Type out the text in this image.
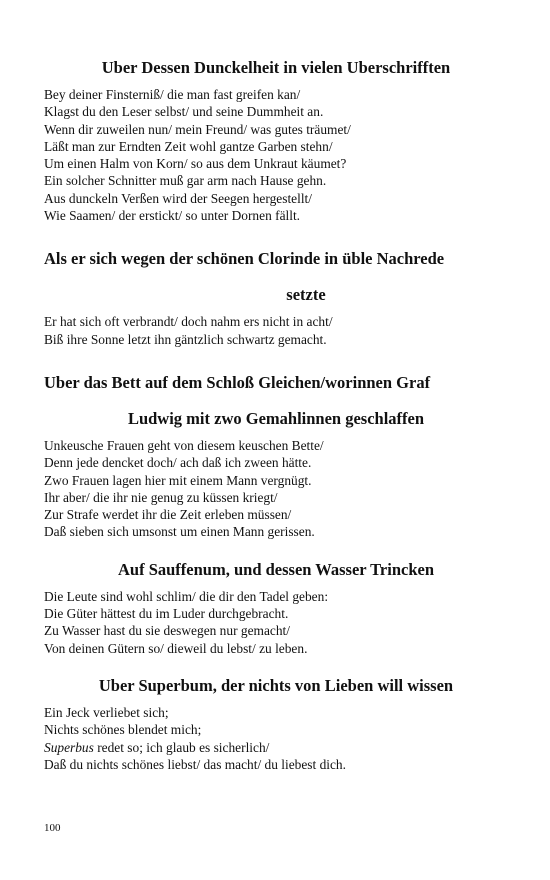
Uber Dessen Dunckelheit in vielen Uberschrifften
Bey deiner Finsterniß/ die man fast greifen kan/
Klagst du den Leser selbst/ und seine Dummheit an.
Wenn dir zuweilen nun/ mein Freund/ was gutes träumet/
Läßt man zur Erndten Zeit wohl gantze Garben stehn/
Um einen Halm von Korn/ so aus dem Unkraut käumet?
Ein solcher Schnitter muß gar arm nach Hause gehn.
Aus dunckeln Verßen wird der Seegen hergestellt/
Wie Saamen/ der erstickt/ so unter Dornen fällt.
Als er sich wegen der schönen Clorinde in üble Nachrede
setzte
Er hat sich oft verbrandt/ doch nahm ers nicht in acht/
Biß ihre Sonne letzt ihn gäntzlich schwartz gemacht.
Uber das Bett auf dem Schloß Gleichen/worinnen Graf
Ludwig mit zwo Gemahlinnen geschlaffen
Unkeusche Frauen geht von diesem keuschen Bette/
Denn jede dencket doch/ ach daß ich zween hätte.
Zwo Frauen lagen hier mit einem Mann vergnügt.
Ihr aber/ die ihr nie genug zu küssen kriegt/
Zur Strafe werdet ihr die Zeit erleben müssen/
Daß sieben sich umsonst um einen Mann gerissen.
Auf Sauffenum, und dessen Wasser Trincken
Die Leute sind wohl schlim/ die dir den Tadel geben:
Die Güter hättest du im Luder durchgebracht.
Zu Wasser hast du sie deswegen nur gemacht/
Von deinen Gütern so/ dieweil du lebst/ zu leben.
Uber Superbum, der nichts von Lieben will wissen
Ein Jeck verliebet sich;
Nichts schönes blendet mich;
Superbus redet so; ich glaub es sicherlich/
Daß du nichts schönes liebst/ das macht/ du liebest dich.
100
